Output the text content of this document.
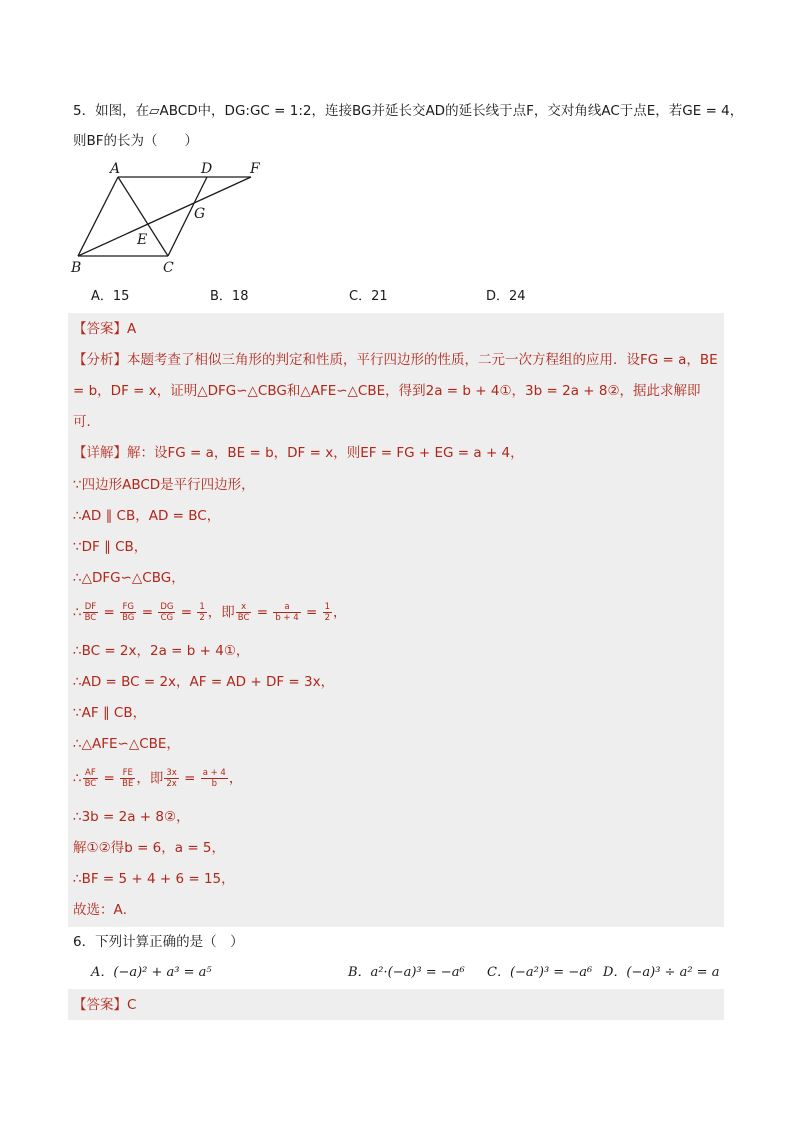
5．如图，在▱ABCD中，DG:GC = 1:2，连接BG并延长交AD的延长线于点F，交对角线AC于点E，若GE = 4，
则BF的长为（　　）
A	D	F
G
E
B	C
A．15	B．18	C．21	D．24
【答案】A
【分析】本题考查了相似三角形的判定和性质，平行四边形的性质，二元一次方程组的应用．设FG = a，BE = b，DF = x，证明△DFG∽△CBG和△AFE∽△CBE，得到2a = b + 4①，3b = 2a + 8②，据此求解即可．
【详解】解：设FG = a，BE = b，DF = x，则EF = FG + EG = a + 4，
∵四边形ABCD是平行四边形，
∴AD ∥ CB，AD = BC，
∵DF ∥ CB，
∴△DFG∽△CBG，
∴ $\frac{DF}{BC} = \frac{FG}{BG} = \frac{DG}{CG} = \frac{1}{2}$ ，即 $\frac{x}{BC} = \frac{a}{b + 4} = \frac{1}{2}$ ，
∴BC = 2x，2a = b + 4①，
∴AD = BC = 2x，AF = AD + DF = 3x，
∵AF ∥ CB，
∴△AFE∽△CBE，
∴ $\frac{AF}{BC} = \frac{FE}{BE}$ ，即 $\frac{3x}{2x} = \frac{a + 4}{b}$ ，
∴3b = 2a + 8②，
解①②得b = 6，a = 5，
∴BF = 5 + 4 + 6 = 15，
故选：A．
6．下列计算正确的是（　）
A．(−a)² + a³ = a⁵	B．a²·(−a)³ = −a⁶ C．(−a²)³ = −a⁶ D．(−a)³ ÷ a² = a
【答案】C
